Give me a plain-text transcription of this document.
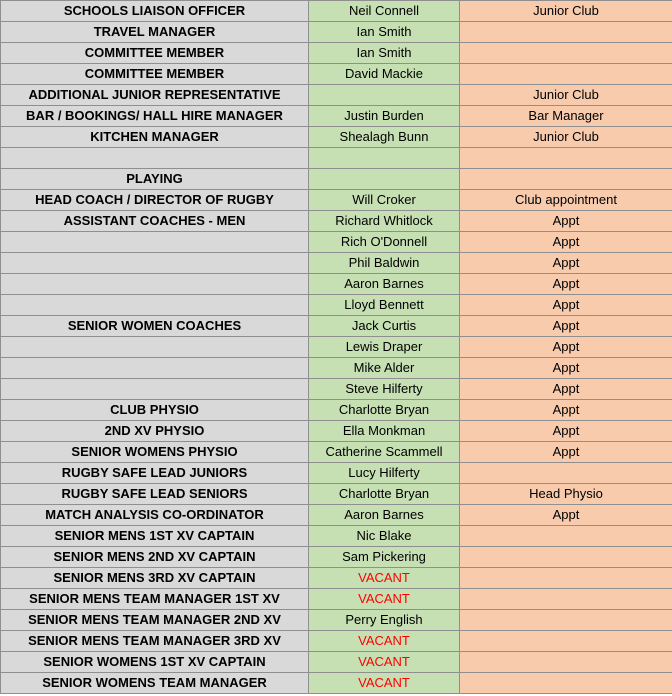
SCHOOLS LIAISON OFFICER	Neil Connell	Junior Club
TRAVEL MANAGER	Ian Smith	
COMMITTEE MEMBER	Ian Smith	
COMMITTEE MEMBER	David Mackie	
ADDITIONAL JUNIOR REPRESENTATIVE		Junior Club
BAR / BOOKINGS/ HALL HIRE MANAGER	Justin Burden	Bar Manager
KITCHEN MANAGER	Shealagh Bunn	Junior Club

PLAYING		
HEAD COACH / DIRECTOR OF RUGBY	Will Croker	Club appointment
ASSISTANT COACHES - MEN	Richard Whitlock	Appt
	Rich O'Donnell	Appt
	Phil Baldwin	Appt
	Aaron Barnes	Appt
	Lloyd Bennett	Appt
SENIOR WOMEN COACHES	Jack Curtis	Appt
	Lewis Draper	Appt
	Mike Alder	Appt
	Steve Hilferty	Appt
CLUB PHYSIO	Charlotte Bryan	Appt
2ND XV PHYSIO	Ella Monkman	Appt
SENIOR WOMENS PHYSIO	Catherine Scammell	Appt
RUGBY SAFE LEAD JUNIORS	Lucy Hilferty	
RUGBY SAFE LEAD SENIORS	Charlotte Bryan	Head Physio
MATCH ANALYSIS CO-ORDINATOR	Aaron Barnes	Appt
SENIOR MENS 1ST XV CAPTAIN	Nic Blake	
SENIOR MENS 2ND XV CAPTAIN	Sam Pickering	
SENIOR MENS 3RD XV CAPTAIN	VACANT	
SENIOR MENS TEAM MANAGER 1ST XV	VACANT	
SENIOR MENS TEAM MANAGER 2ND XV	Perry English	
SENIOR MENS TEAM MANAGER 3RD XV	VACANT	
SENIOR WOMENS 1ST XV CAPTAIN	VACANT	
SENIOR WOMENS TEAM MANAGER	VACANT	
